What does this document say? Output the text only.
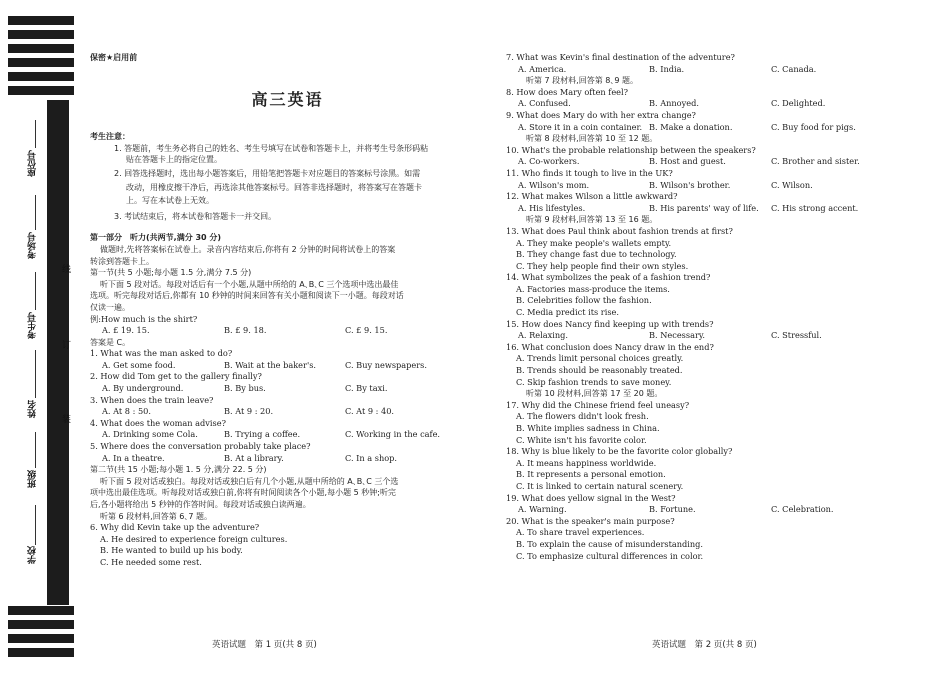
座位号
考场号
考生号
姓名
班级
学校
线
订
装
保密★启用前
高三英语
考生注意：
1. 答题前，考生务必将自己的姓名、考生号填写在试卷和答题卡上，并将考生号条形码粘
贴在答题卡上的指定位置。
2. 回答选择题时，选出每小题答案后，用铅笔把答题卡对应题目的答案标号涂黑。如需
改动，用橡皮擦干净后，再选涂其他答案标号。回答非选择题时，将答案写在答题卡
上。写在本试卷上无效。
3. 考试结束后，将本试卷和答题卡一并交回。
第一部分　听力(共两节,满分 30 分)
做题时,先将答案标在试卷上。录音内容结束后,你将有 2 分钟的时间将试卷上的答案
转涂到答题卡上。
第一节(共 5 小题;每小题 1.5 分,满分 7.5 分)
听下面 5 段对话。每段对话后有一个小题,从题中所给的 A､B､C 三个选项中选出最佳
选项。听完每段对话后,你都有 10 秒钟的时间来回答有关小题和阅读下一小题。每段对话
仅读一遍。
例:How much is the shirt?
A. £ 19. 15.	B. £ 9. 18.	C. £ 9. 15.
答案是 C。
1. What was the man asked to do?
A. Get some food.	B. Wait at the baker's.	C. Buy newspapers.
2. How did Tom get to the gallery finally?
A. By underground.	B. By bus.	C. By taxi.
3. When does the train leave?
A. At 8 : 50.	B. At 9 : 20.	C. At 9 : 40.
4. What does the woman advise?
A. Drinking some Cola.	B. Trying a coffee.	C. Working in the cafe.
5. Where does the conversation probably take place?
A. In a theatre.	B. At a library.	C. In a shop.
第二节(共 15 小题;每小题 1. 5 分,满分 22. 5 分)
听下面 5 段对话或独白。每段对话或独白后有几个小题,从题中所给的 A､B､C 三个选
项中选出最佳选项。听每段对话或独白前,你将有时间阅读各个小题,每小题 5 秒钟;听完
后,各小题将给出 5 秒钟的作答时间。每段对话或独白读两遍。
听第 6 段材料,回答第 6､7 题。
6. Why did Kevin take up the adventure?
A. He desired to experience foreign cultures.
B. He wanted to build up his body.
C. He needed some rest.
7. What was Kevin's final destination of the adventure?
A. America.	B. India.	C. Canada.
听第 7 段材料,回答第 8､9 题。
8. How does Mary often feel?
A. Confused.	B. Annoyed.	C. Delighted.
9. What does Mary do with her extra change?
A. Store it in a coin container. B. Make a donation.	C. Buy food for pigs.
听第 8 段材料,回答第 10 至 12 题。
10. What's the probable relationship between the speakers?
A. Co-workers.	B. Host and guest.	C. Brother and sister.
11. Who finds it tough to live in the UK?
A. Wilson's mom.	B. Wilson's brother.	C. Wilson.
12. What makes Wilson a little awkward?
A. His lifestyles.	B. His parents' way of life. C. His strong accent.
听第 9 段材料,回答第 13 至 16 题。
13. What does Paul think about fashion trends at first?
A. They make people's wallets empty.
B. They change fast due to technology.
C. They help people find their own styles.
14. What symbolizes the peak of a fashion trend?
A. Factories mass-produce the items.
B. Celebrities follow the fashion.
C. Media predict its rise.
15. How does Nancy find keeping up with trends?
A. Relaxing.	B. Necessary.	C. Stressful.
16. What conclusion does Nancy draw in the end?
A. Trends limit personal choices greatly.
B. Trends should be reasonably treated.
C. Skip fashion trends to save money.
听第 10 段材料,回答第 17 至 20 题。
17. Why did the Chinese friend feel uneasy?
A. The flowers didn't look fresh.
B. White implies sadness in China.
C. White isn't his favorite color.
18. Why is blue likely to be the favorite color globally?
A. It means happiness worldwide.
B. It represents a personal emotion.
C. It is linked to certain natural scenery.
19. What does yellow signal in the West?
A. Warning.	B. Fortune.	C. Celebration.
20. What is the speaker's main purpose?
A. To share travel experiences.
B. To explain the cause of misunderstanding.
C. To emphasize cultural differences in color.
英语试题　第 1 页(共 8 页)	英语试题　第 2 页(共 8 页)
